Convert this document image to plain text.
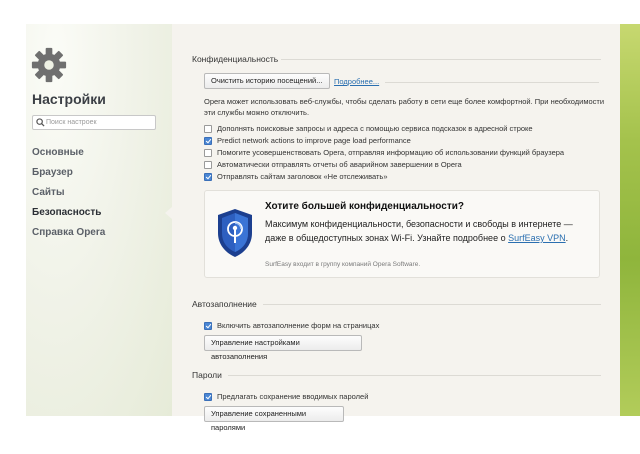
Настройки
Поиск настроек
Основные
Браузер
Сайты
Безопасность
Справка Opera
Конфиденциальность
Очистить историю посещений...	Подробнее...
Opera может использовать веб-службы, чтобы сделать работу в сети еще более комфортной. При необходимости эти службы можно отключить.
Дополнять поисковые запросы и адреса с помощью сервиса подсказок в адресной строке
Predict network actions to improve page load performance
Помогите усовершенствовать Opera, отправляя информацию об использовании функций браузера
Автоматически отправлять отчеты об аварийном завершении в Opera
Отправлять сайтам заголовок «Не отслеживать»
Хотите большей конфиденциальности?
Максимум конфиденциальности, безопасности и свободы в интернете — даже в общедоступных зонах Wi-Fi. Узнайте подробнее о SurfEasy VPN.
SurfEasy входит в группу компаний Opera Software.
Автозаполнение
Включить автозаполнение форм на страницах
Управление настройками автозаполнения
Пароли
Предлагать сохранение вводимых паролей
Управление сохраненными паролями
